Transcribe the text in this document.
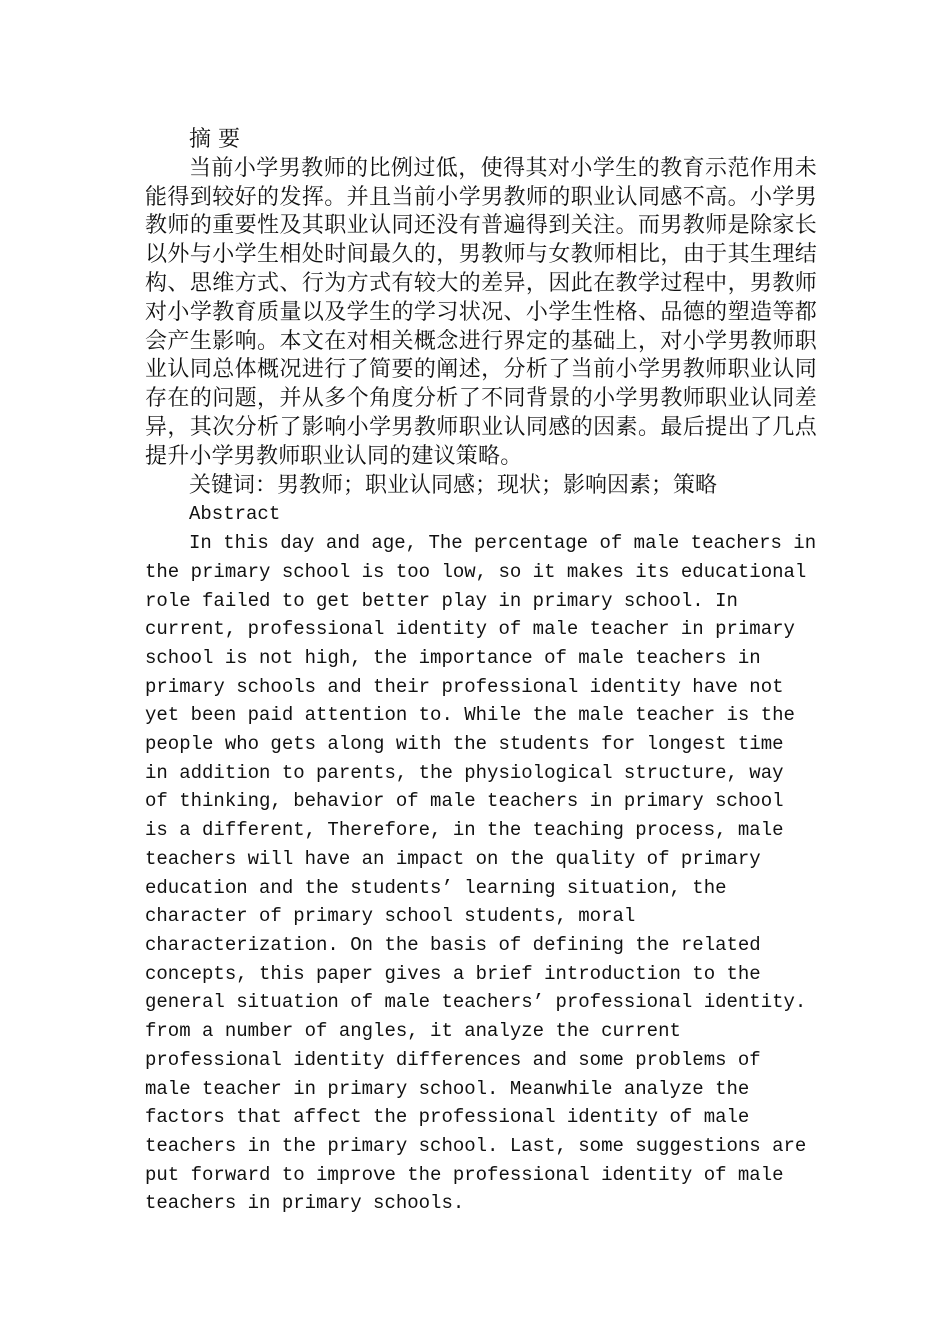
摘 要

当前小学男教师的比例过低，使得其对小学生的教育示范作用未能得到较好的发挥。并且当前小学男教师的职业认同感不高。小学男教师的重要性及其职业认同还没有普遍得到关注。而男教师是除家长以外与小学生相处时间最久的，男教师与女教师相比，由于其生理结构、思维方式、行为方式有较大的差异，因此在教学过程中，男教师对小学教育质量以及学生的学习状况、小学生性格、品德的塑造等都会产生影响。本文在对相关概念进行界定的基础上，对小学男教师职业认同总体概况进行了简要的阐述，分析了当前小学男教师职业认同存在的问题，并从多个角度分析了不同背景的小学男教师职业认同差异，其次分析了影响小学男教师职业认同感的因素。最后提出了几点提升小学男教师职业认同的建议策略。

关键词：男教师；职业认同感；现状；影响因素；策略

Abstract

In this day and age, The percentage of male teachers in the primary school is too low, so it makes its educational role failed to get better play in primary school. In current, professional identity of male teacher in primary school is not high, the importance of male teachers in primary schools and their professional identity have not yet been paid attention to. While the male teacher is the people who gets along with the students for longest time in addition to parents, the physiological structure, way of thinking, behavior of male teachers in primary school is a different, Therefore, in the teaching process, male teachers will have an impact on the quality of primary education and the students’ learning situation, the character of primary school students, moral characterization. On the basis of defining the related concepts, this paper gives a brief introduction to the general situation of male teachers’ professional identity. from a number of angles, it analyze the current professional identity differences and some problems of male teacher in primary school. Meanwhile analyze the factors that affect the professional identity of male teachers in the primary school. Last, some suggestions are put forward to improve the professional identity of male teachers in primary schools.
